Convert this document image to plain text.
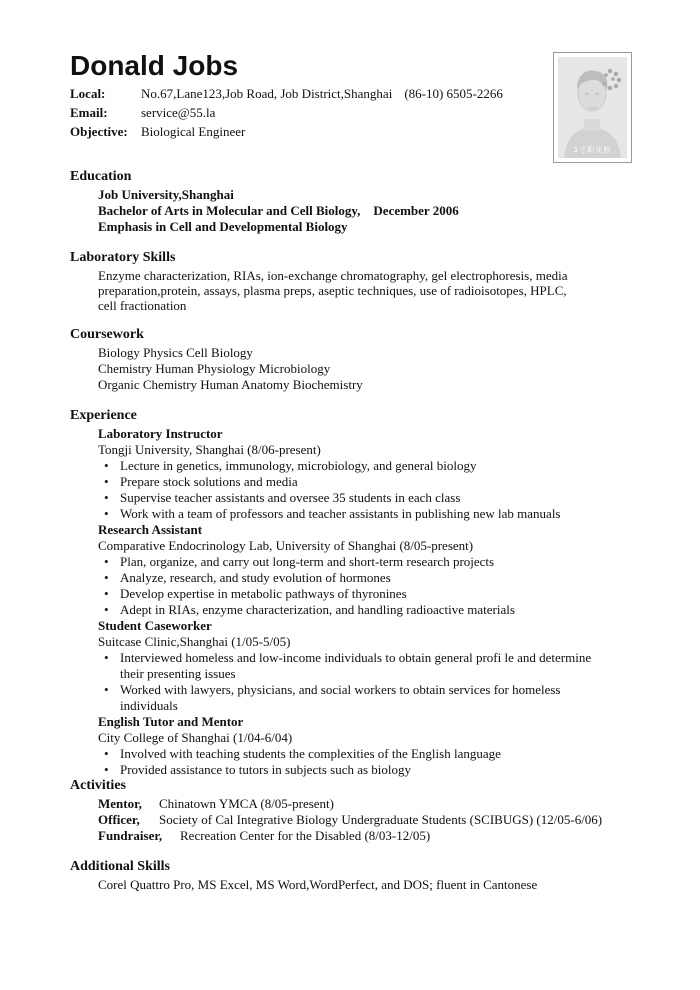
Donald Jobs
Local:	No.67,Lane123,Job Road, Job District,Shanghai (86-10) 6505-2266
Email:	service@55.la
Objective: Biological Engineer
1寸职业照
Education
Job University,Shanghai
Bachelor of Arts in Molecular and Cell Biology,    December 2006
Emphasis in Cell and Developmental Biology
Laboratory Skills
Enzyme characterization, RIAs, ion-exchange chromatography, gel electrophoresis, media preparation,protein, assays, plasma preps, aseptic techniques, use of radioisotopes, HPLC, cell fractionation
Coursework
Biology Physics Cell Biology
Chemistry Human Physiology Microbiology
Organic Chemistry Human Anatomy Biochemistry
Experience
Laboratory Instructor
Tongji University, Shanghai (8/06-present)
• Lecture in genetics, immunology, microbiology, and general biology
• Prepare stock solutions and media
• Supervise teacher assistants and oversee 35 students in each class
• Work with a team of professors and teacher assistants in publishing new lab manuals
Research Assistant
Comparative Endocrinology Lab, University of Shanghai (8/05-present)
• Plan, organize, and carry out long-term and short-term research projects
• Analyze, research, and study evolution of hormones
• Develop expertise in metabolic pathways of thyronines
• Adept in RIAs, enzyme characterization, and handling radioactive materials
Student Caseworker
Suitcase Clinic,Shanghai (1/05-5/05)
• Interviewed homeless and low-income individuals to obtain general profi le and determine their presenting issues
• Worked with lawyers, physicians, and social workers to obtain services for homeless individuals
English Tutor and Mentor
City College of Shanghai (1/04-6/04)
• Involved with teaching students the complexities of the English language
• Provided assistance to tutors in subjects such as biology
Activities
Mentor, Chinatown YMCA (8/05-present)
Officer, Society of Cal Integrative Biology Undergraduate Students (SCIBUGS) (12/05-6/06)
Fundraiser, Recreation Center for the Disabled (8/03-12/05)
Additional Skills
Corel Quattro Pro, MS Excel, MS Word,WordPerfect, and DOS; fluent in Cantonese
